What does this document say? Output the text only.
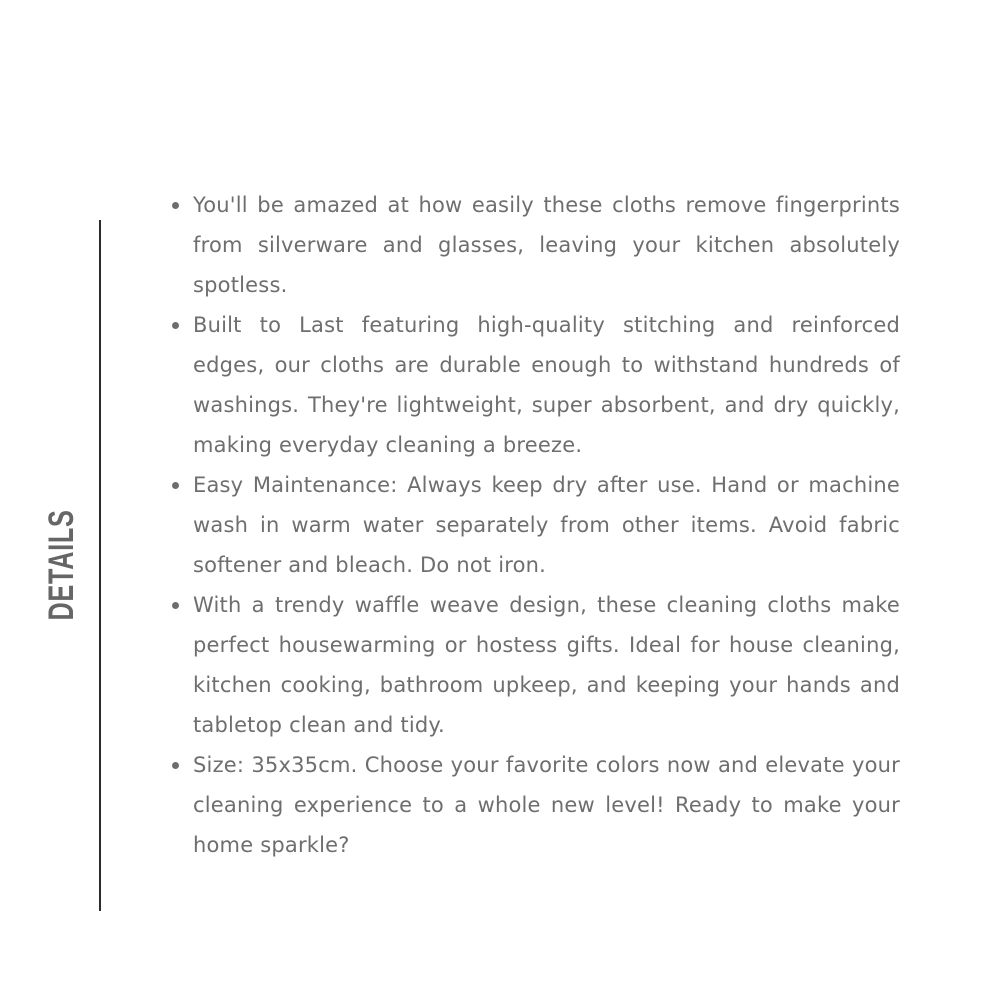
DETAILS
You'll be amazed at how easily these cloths remove fingerprints from silverware and glasses, leaving your kitchen absolutely spotless.
Built to Last featuring high-quality stitching and reinforced edges, our cloths are durable enough to withstand hundreds of washings. They're lightweight, super absorbent, and dry quickly, making everyday cleaning a breeze.
Easy Maintenance: Always keep dry after use. Hand or machine wash in warm water separately from other items. Avoid fabric softener and bleach. Do not iron.
With a trendy waffle weave design, these cleaning cloths make perfect housewarming or hostess gifts. Ideal for house cleaning, kitchen cooking, bathroom upkeep, and keeping your hands and tabletop clean and tidy.
Size: 35x35cm. Choose your favorite colors now and elevate your cleaning experience to a whole new level! Ready to make your home sparkle?
